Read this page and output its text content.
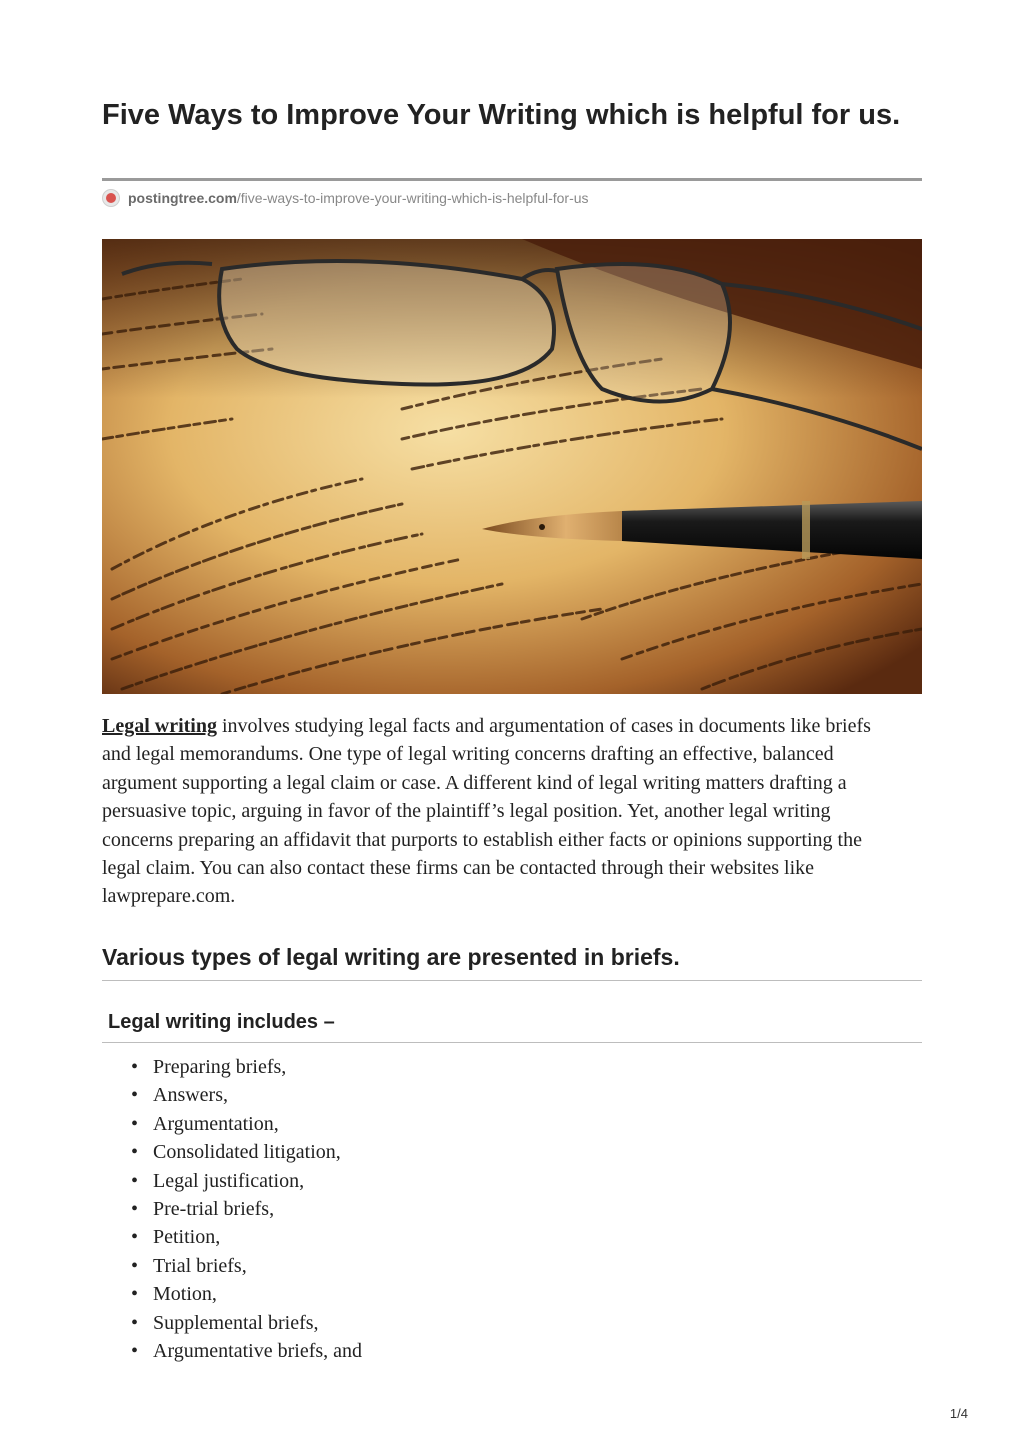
Five Ways to Improve Your Writing which is helpful for us.
postingtree.com /five-ways-to-improve-your-writing-which-is-helpful-for-us

Legal writing involves studying legal facts and argumentation of cases in documents like briefs and legal memorandums. One type of legal writing concerns drafting an effective, balanced argument supporting a legal claim or case. A different kind of legal writing matters drafting a persuasive topic, arguing in favor of the plaintiff’s legal position. Yet, another legal writing concerns preparing an affidavit that purports to establish either facts or opinions supporting the legal claim. You can also contact these firms can be contacted through their websites like lawprepare.com.

Various types of legal writing are presented in briefs.
Legal writing includes –
• Preparing briefs,
• Answers,
• Argumentation,
• Consolidated litigation,
• Legal justification,
• Pre-trial briefs,
• Petition,
• Trial briefs,
• Motion,
• Supplemental briefs,
• Argumentative briefs, and
1/4
